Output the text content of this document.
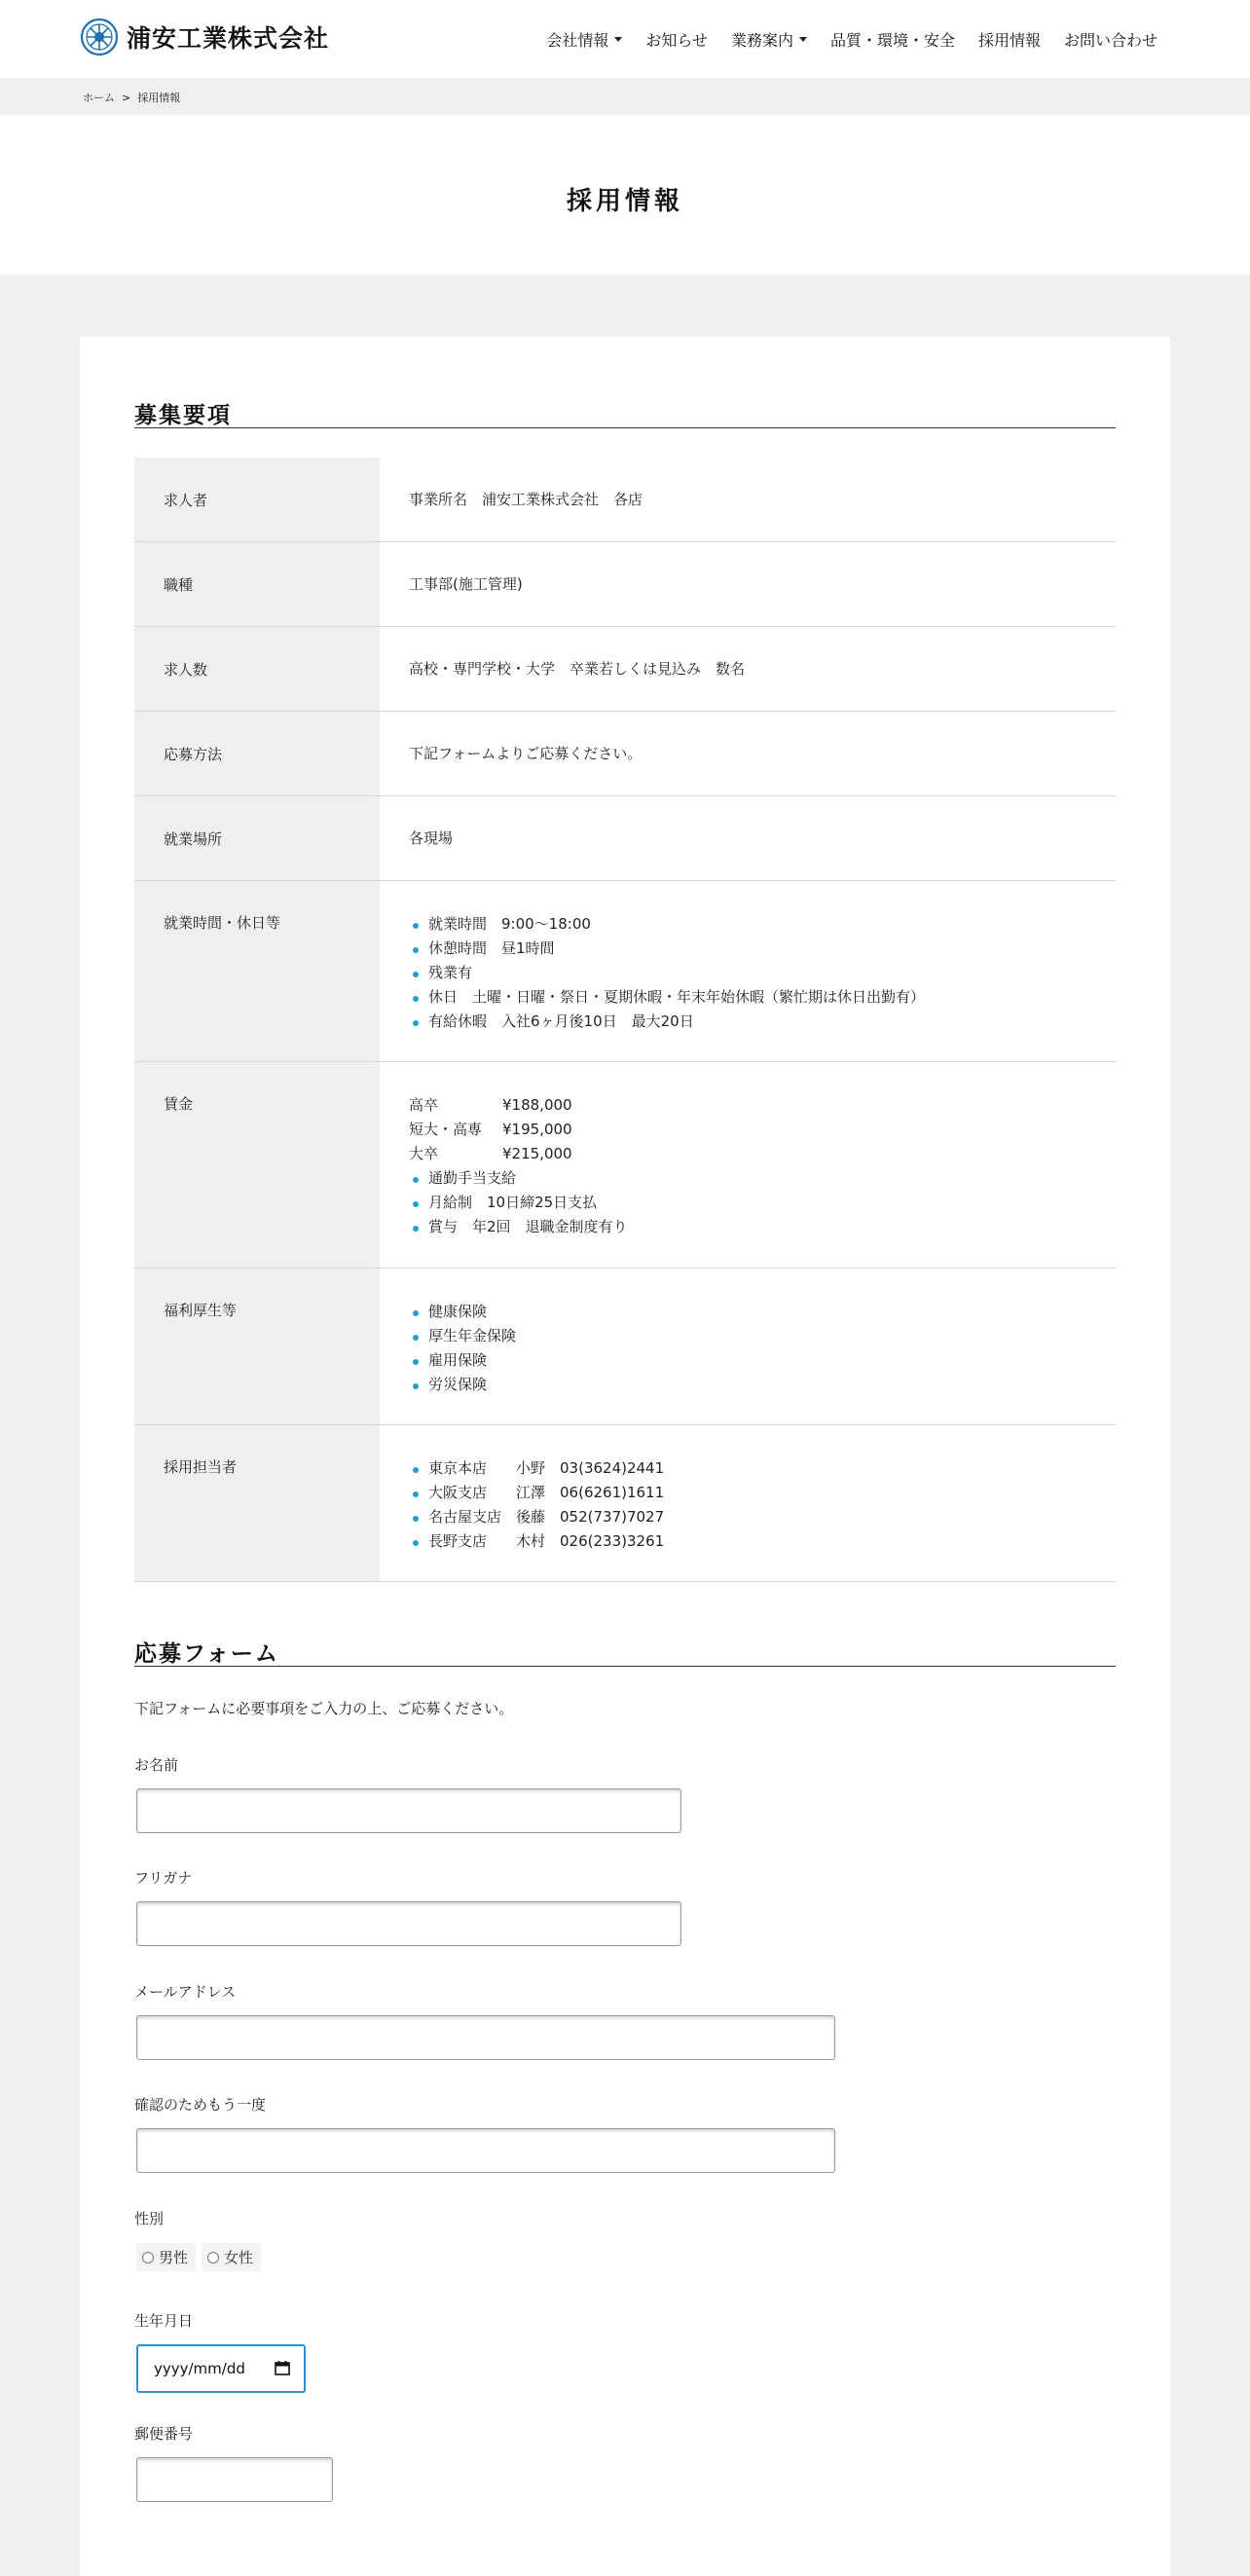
浦安工業株式会社	会社情報 お知らせ 業務案内 品質・環境・安全 採用情報 お問い合わせ
ホーム > 採用情報
採用情報
募集要項
求人者	事業所名　浦安工業株式会社　各店
職種	工事部(施工管理)
求人数	高校・専門学校・大学　卒業若しくは見込み　数名
応募方法	下記フォームよりご応募ください。
就業場所	各現場
就業時間・休日等	就業時間　9:00～18:00
休憩時間　昼1時間
残業有
休日　土曜・日曜・祭日・夏期休暇・年末年始休暇（繁忙期は休日出勤有）
有給休暇　入社6ヶ月後10日　最大20日
賃金	高卒	¥188,000
短大・高専	¥195,000
大卒	¥215,000
通勤手当支給
月給制　10日締25日支払
賞与　年2回　退職金制度有り
福利厚生等	健康保険
厚生年金保険
雇用保険
労災保険
採用担当者	東京本店　　小野　03(3624)2441
大阪支店　　江澤　06(6261)1611
名古屋支店　後藤　052(737)7027
長野支店　　木村　026(233)3261
応募フォーム

下記フォームに必要事項をご入力の上、ご応募ください。

お名前
フリガナ
メールアドレス
確認のためもう一度
性別
男性 女性
生年月日
yyyy/mm/dd
郵便番号
